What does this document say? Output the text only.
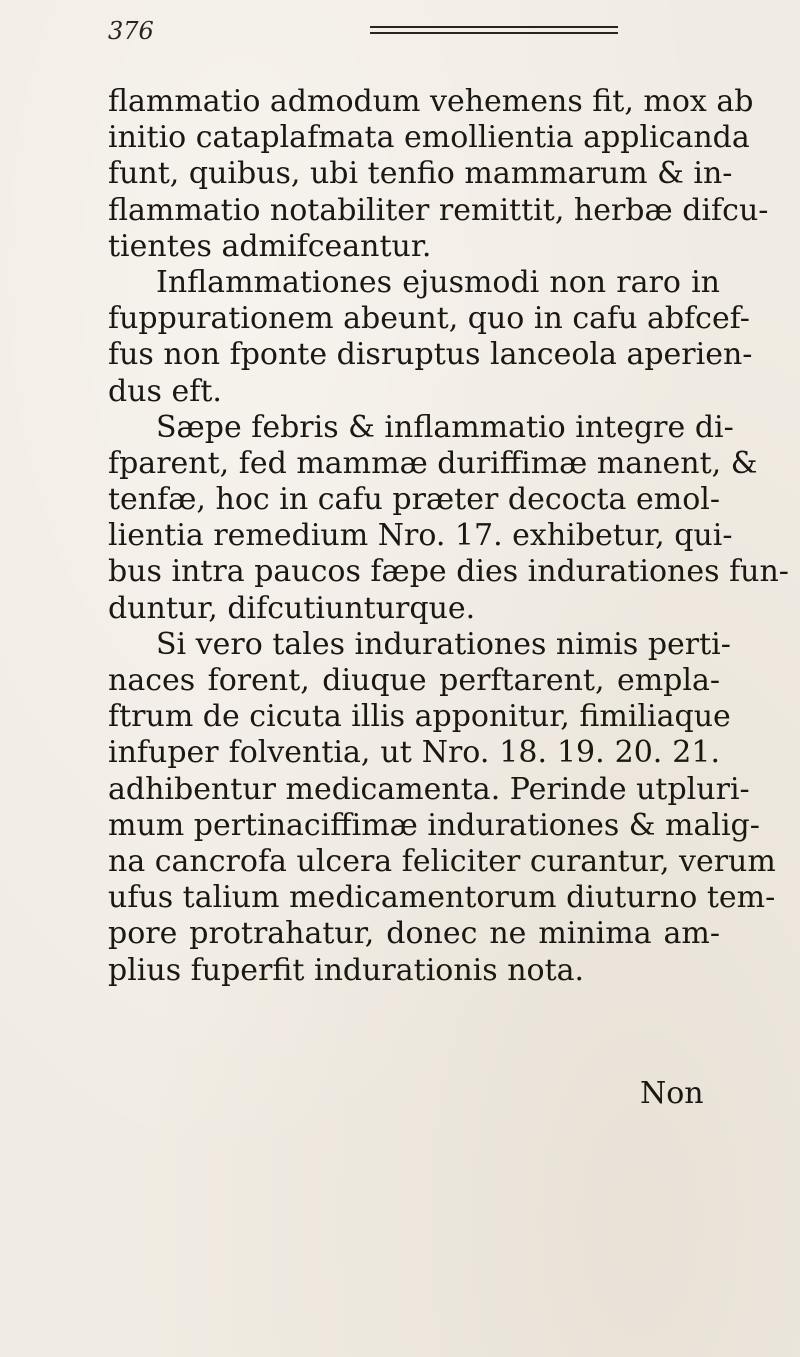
376
flammatio admodum vehemens fit, mox ab
initio cataplafmata emollientia applicanda
funt, quibus, ubi tenfio mammarum & in-
flammatio notabiliter remittit, herbæ difcu-
tientes admifceantur.
Inflammationes ejusmodi non raro in
fuppurationem abeunt, quo in cafu abfcef-
fus non fponte disruptus lanceola aperien-
dus eft.
Sæpe febris & inflammatio integre di-
fparent, fed mammæ duriffimæ manent, &
tenfæ, hoc in cafu præter decocta emol-
lientia remedium Nro. 17. exhibetur, qui-
bus intra paucos fæpe dies indurationes fun-
duntur, difcutiunturque.
Si vero tales indurationes nimis perti-
naces forent, diuque perftarent, empla-
ftrum de cicuta illis apponitur, fimiliaque
infuper folventia, ut Nro. 18. 19. 20. 21.
adhibentur medicamenta. Perinde utpluri-
mum pertinaciffimæ indurationes & malig-
na cancrofa ulcera feliciter curantur, verum
ufus talium medicamentorum diuturno tem-
pore protrahatur, donec ne minima am-
plius fuperfit indurationis nota.
Non
